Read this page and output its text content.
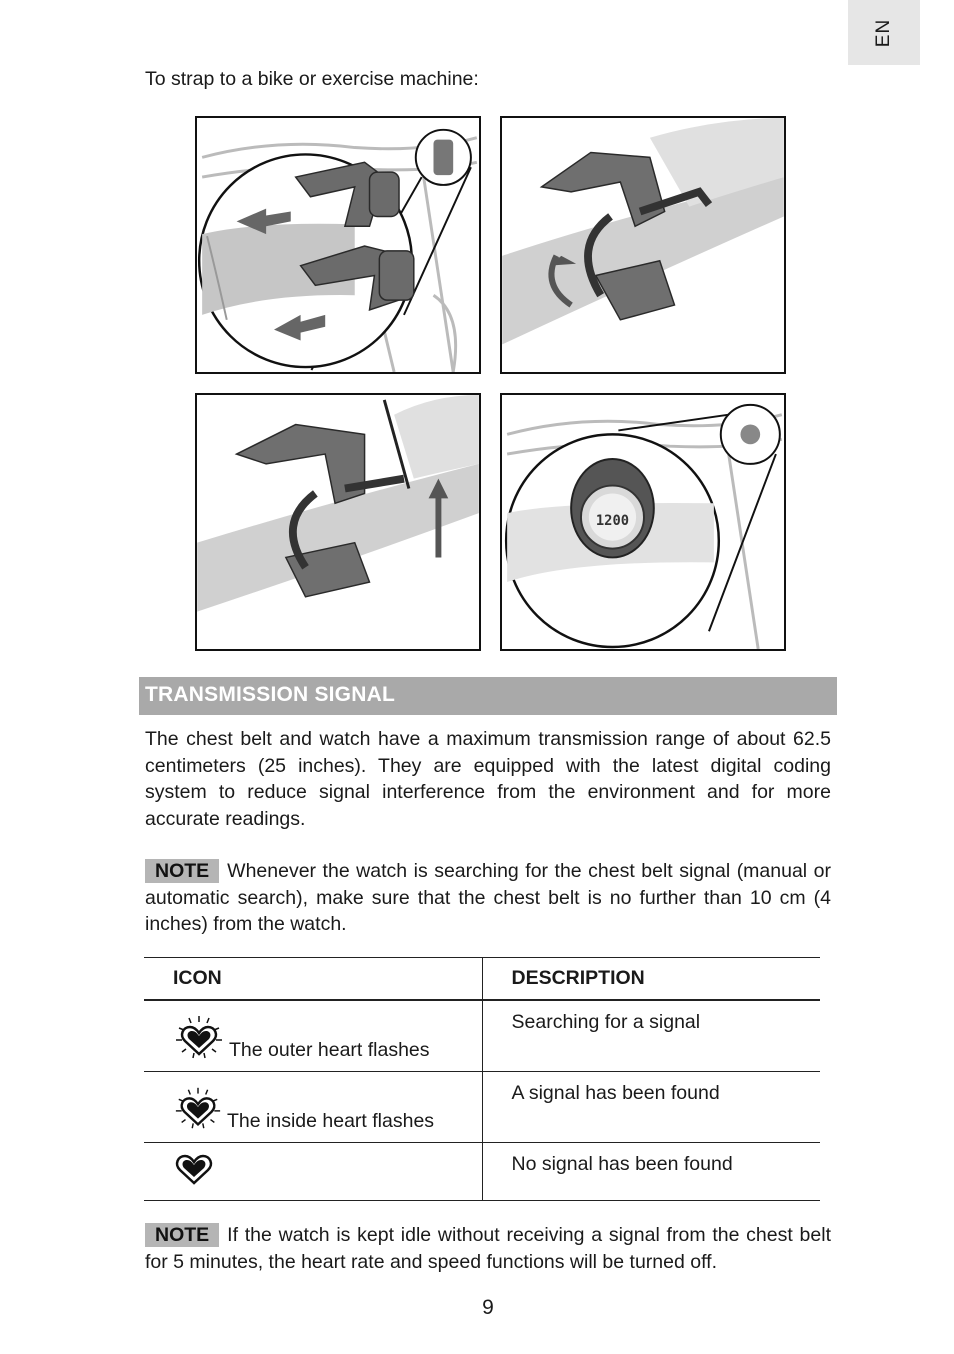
EN
To strap to a bike or exercise machine:
1200
TRANSMISSION SIGNAL
The chest belt and watch have a maximum transmission range of about 62.5 centimeters (25 inches). They are equipped with the latest digital coding system to reduce signal interference from the environment and for more accurate readings.
NOTE Whenever the watch is searching for the chest belt signal (manual or automatic search), make sure that the chest belt is no further than 10 cm (4 inches) from the watch.
ICON	DESCRIPTION

The outer heart flashes	Searching for a signal

The inside heart flashes	A signal has been found

	No signal has been found
NOTE If the watch is kept idle without receiving a signal from the chest belt for 5 minutes, the heart rate and speed functions will be turned off.
9
